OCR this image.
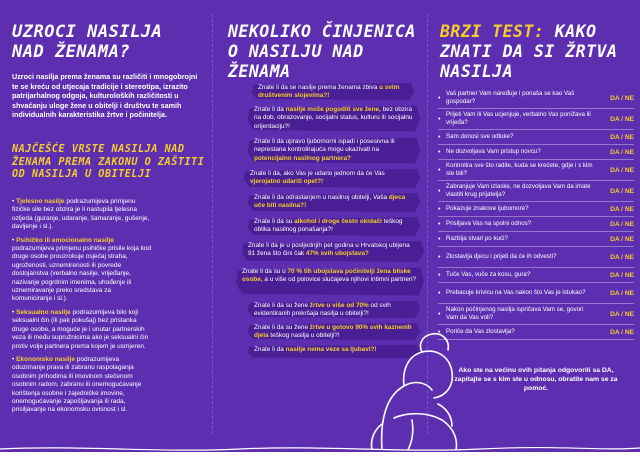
UZROCI NASILJA NAD ŽENAMA?
Uzroci nasilja prema ženama su različiti i mnogobrojni te se kreću od utjecaja tradicije i stereotipa, izrazito patrijarhalnog odgoja, kulturoloških različitosti u shvaćanju uloge žene u obitelji i društvu te samih individualnih karakteristika žrtve i počinitelja.
NAJČEŠĆE VRSTE NASILJA NAD ŽENAMA PREMA ZAKONU O ZAŠTITI OD NASILJA U OBITELJI
• Tjelesno nasilje podrazumijeva primjenu fizičke sile bez obzira je li nastupila tjelesna ozljeda (guranje, udaranje, šamaranje, gušenje, davljenje i sl.).
• Psihičko ili emocionalno nasilje podrazumijeva primjenu psihičke prisile koja kod druge osobe prouzrokuje osjećaj straha, ugroženosti, uznemirenosti ili povrede dostojanstva (verbalno nasilje, vrijeđanje, nazivanje pogrdnim imenima, uhođenje ili uznemiravanje preko sredstava za komuniciranje i sl.).
• Seksualno nasilje podrazumijeva bilo koji seksualni čin (ili pak pokušaj) bez pristanka druge osobe, a moguće je i unutar partnerskih veza ili među supružnicima ako je seksualni čin protiv volje partnera prema kojem je usmjeren.
• Ekonomsko nasilje podrazumijeva oduzimanje prava ili zabranu raspolaganja osobnim prihodima ili imovinom stečenom osobnim radom, zabranu ili onemogućavanje korištenja osobne i zajedničke imovine, onemogućavanje zapošljavanja ili rada, prisiljavanje na ekonomsku ovisnost i sl.
NEKOLIKO ČINJENICA O NASILJU NAD ŽENAMA
Znate li da se nasilje prema ženama zbiva u svim društvenim slojevima?!
Znate li da nasilje može pogoditi sve žene, bez obzira na dob, obrazovanje, socijalni status, kulturu ili socijalnu orijentaciju?!
Znate li da upravo ljubomorni ispadi i posesivna ili neprestana kontrolirajuća mogu ukazivati na potencijalno nasilnog partnera?
Znate li da, ako Vas je udario jednom da će Vas vjerojatno udariti opet?!
Znate li da odrastanjem u nasilnoj obitelji, Vaša djeca uče biti nasilna?!
Znate li da su alkohol i droge često okidači teškog oblika nasilnog ponašanja?!
Znate li da je u posljednjih pet godina u Hrvatskoj ubijena 91 žena što čini čak 47% svih ubojstava?
Znate li da su u 70 % tih ubojstava počinitelji žena bliske osobe, a u više od polovice slučajeva njihovi intimni partneri?
Znate li da su žene žrtve u više od 70% od svih evidentiranih prekršaja nasilja u obitelji?!
Znate li da su žene žrtve u gotovo 90% svih kaznenih djela teškog nasilja u obitelji?!
Znate li da nasilje nema veze sa ljubavi?!
BRZI TEST: KAKO ZNATI DA SI ŽRTVA NASILJA
•
Vaš partner Vam naređuje i ponaša se kao Vaš gospodar?	DA / NE
•
Prijeti Vam ili Vas ucjenjuje, verbalno Vas ponižava ili vrijeđa?	DA / NE
• Sam donosi sve odluke?	DA / NE
• Ne dozvoljava Vam pristup novcu?	DA / NE
•
Kontrolira sve što radite, kuda se krećete, gdje i s kim ste bili?	DA / NE
•
Zabranjuje Vam izlaske, ne dozvoljava Vam da imate vlastiti krug prijatelja?	DA / NE
• Pokazuje znakove ljubomore?	DA / NE
• Prisiljava Vas na spolni odnos?	DA / NE
• Razbija stvari po kući?	DA / NE
• Zlostavlja djecu i prijeti da će ih odvesti?	DA / NE
• Tuče Vas, vuče za kosu, gura?	DA / NE
• Prebacuje krivicu na Vas nakon što Vas je istukao?	DA / NE
•
Nakon počinjenog nasilja ispričava Vam se, govori Vam da Vas voli?	DA / NE
• Poriče da Vas zlostavlja?	DA / NE
Ako ste na većinu ovih pitanja odgovorili sa DA, zapitajte se s kim ste u odnosu, obratite nam se za pomoć.
